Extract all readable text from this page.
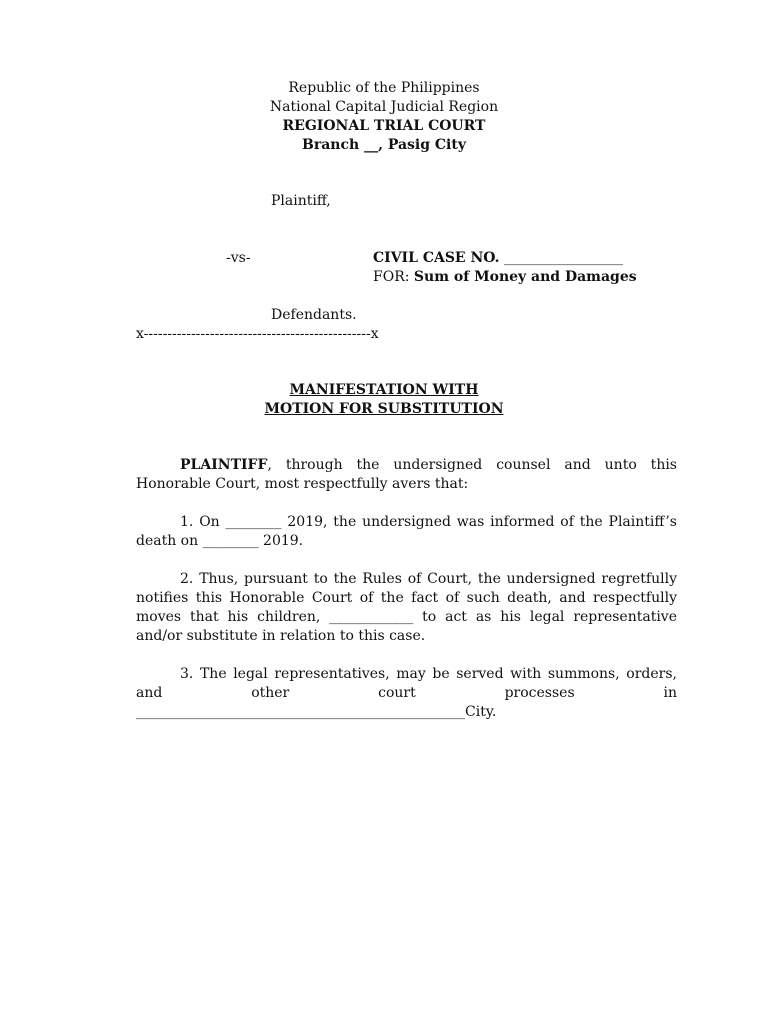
Republic of the Philippines
National Capital Judicial Region
REGIONAL TRIAL COURT
Branch __, Pasig City
Plaintiff,
-vs-	CIVIL CASE NO. _________________
FOR: Sum of Money and Damages
Defendants.
x------------------------------------------------x
MANIFESTATION WITH
MOTION FOR SUBSTITUTION
PLAINTIFF, through the undersigned counsel and unto this Honorable Court, most respectfully avers that:
1. On ________ 2019, the undersigned was informed of the Plaintiff’s death on ________ 2019.
2. Thus, pursuant to the Rules of Court, the undersigned regretfully notifies this Honorable Court of the fact of such death, and respectfully moves that his children, ____________ to act as his legal representative and/or substitute in relation to this case.
3. The legal representatives, may be served with summons, orders, and other court processes in
_______________________________________________City.
